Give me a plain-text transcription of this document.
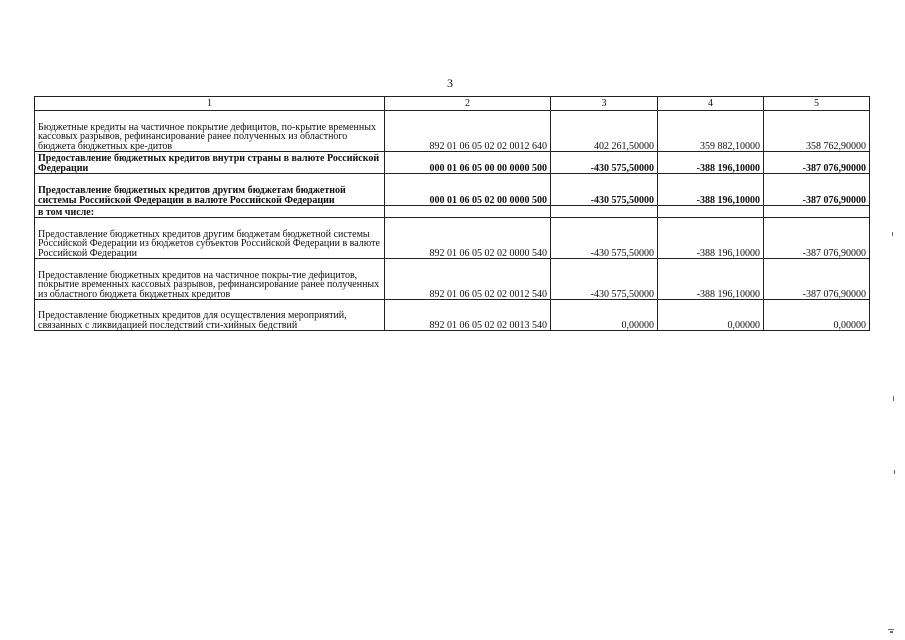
3
1	2	3	4	5
Бюджетные кредиты на частичное покрытие дефицитов, по-крытие временных кассовых разрывов, рефинансирование ранее полученных из областного бюджета бюджетных кре-дитов	892 01 06 05 02 02 0012 640	402 261,50000	359 882,10000	358 762,90000
Предоставление бюджетных кредитов внутри страны в валюте Российской Федерации	000 01 06 05 00 00 0000 500	-430 575,50000	-388 196,10000	-387 076,90000
Предоставление бюджетных кредитов другим бюджетам бюджетной системы Российской Федерации в валюте Российской Федерации	000 01 06 05 02 00 0000 500	-430 575,50000	-388 196,10000	-387 076,90000
в том числе:				
Предоставление бюджетных кредитов другим бюджетам бюджетной системы Российской Федерации из бюджетов субъектов Российской Федерации в валюте Российской Федерации	892 01 06 05 02 02 0000 540	-430 575,50000	-388 196,10000	-387 076,90000
Предоставление бюджетных кредитов на частичное покры-тие дефицитов, покрытие временных кассовых разрывов, рефинансирование ранее полученных из областного бюджета бюджетных кредитов	892 01 06 05 02 02 0012 540	-430 575,50000	-388 196,10000	-387 076,90000
Предоставление бюджетных кредитов для осуществления мероприятий, связанных с ликвидацией последствий сти-хийных бедствий	892 01 06 05 02 02 0013 540	0,00000	0,00000	0,00000
